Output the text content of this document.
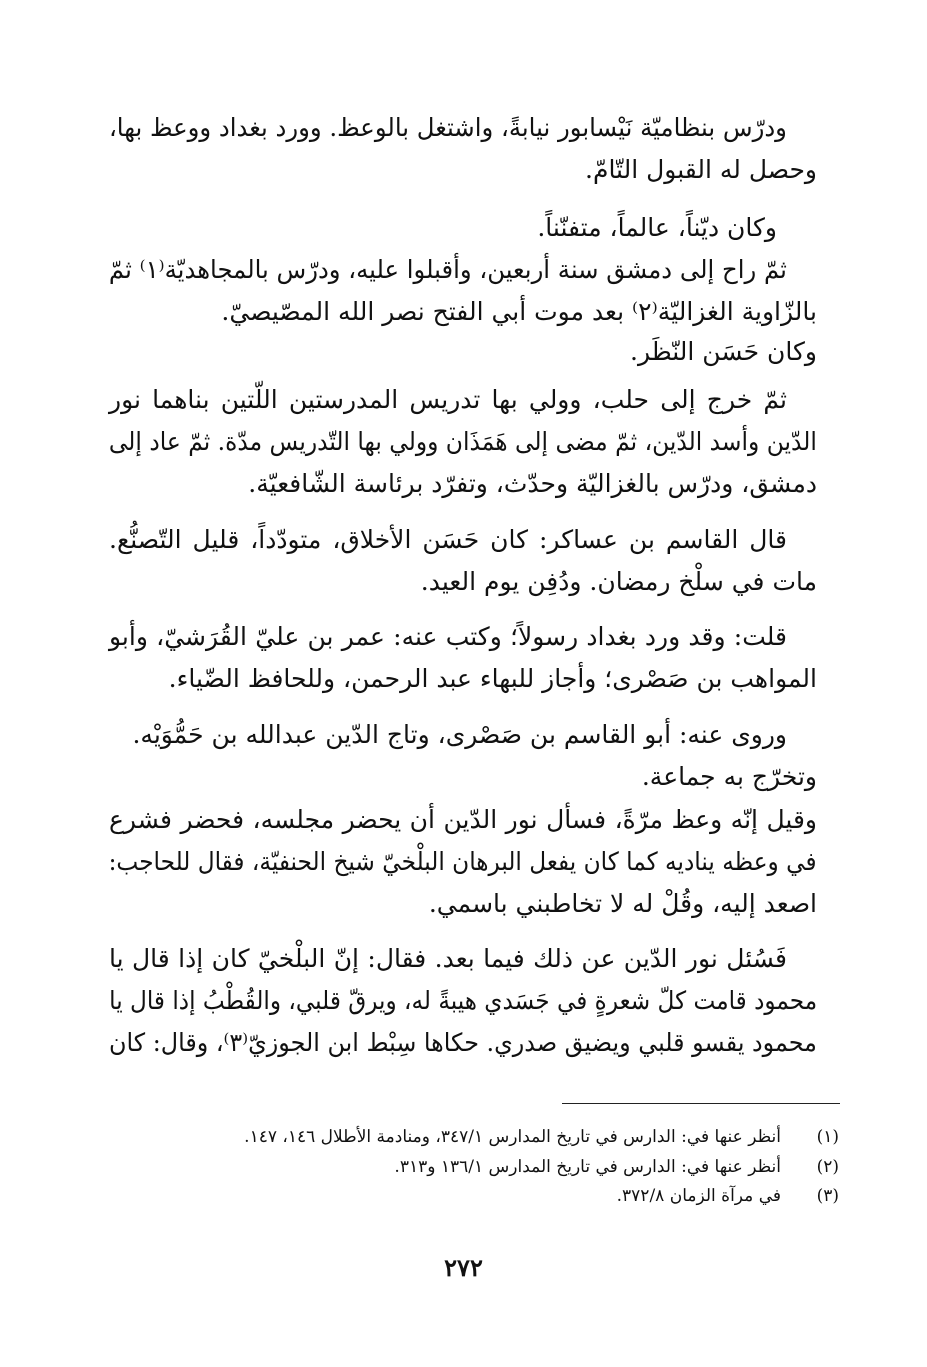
ودرّس بنظاميّة نَيْسابور نيابةً، واشتغل بالوعظ. وورد بغداد ووعظ بها،
وحصل له القبول التّامّ.
وكان ديّناً، عالماً، متفنّناً.
ثمّ راح إلى دمشق سنة أربعين، وأقبلوا عليه، ودرّس بالمجاهديّة⁽١⁾ ثمّ
بالزّاوية الغزاليّة⁽٢⁾ بعد موت أبي الفتح نصر الله المصّيصيّ.
وكان حَسَن النّظَر.
ثمّ خرج إلى حلب، وولي بها تدريس المدرستين اللّتين بناهما نور
الدّين وأسد الدّين، ثمّ مضى إلى هَمَذَان وولي بها التّدريس مدّة. ثمّ عاد إلى
دمشق، ودرّس بالغزاليّة وحدّث، وتفرّد برئاسة الشّافعيّة.
قال القاسم بن عساكر: كان حَسَن الأخلاق، متودّداً، قليل التّصنُّع.
مات في سلْخ رمضان. ودُفِن يوم العيد.
قلت: وقد ورد بغداد رسولاً؛ وكتب عنه: عمر بن عليّ القُرَشيّ، وأبو
المواهب بن صَصْرى؛ وأجاز للبهاء عبد الرحمن، وللحافظ الضّياء.
وروى عنه: أبو القاسم بن صَصْرى، وتاج الدّين عبدالله بن حَمُّوَيْه.
وتخرّج به جماعة.
وقيل إنّه وعظ مرّةً، فسأل نور الدّين أن يحضر مجلسه، فحضر فشرع
في وعظه يناديه كما كان يفعل البرهان البلْخيّ شيخ الحنفيّة، فقال للحاجب:
اصعد إليه، وقُلْ له لا تخاطبني باسمي.
فَسُئل نور الدّين عن ذلك فيما بعد. فقال: إنّ البلْخيّ كان إذا قال يا
محمود قامت كلّ شعرةٍ في جَسَدي هيبةً له، ويرقّ قلبي، والقُطْبُ إذا قال يا
محمود يقسو قلبي ويضيق صدري. حكاها سِبْط ابن الجوزيّ⁽٣⁾، وقال: كان
(١)
أنظر عنها في: الدارس في تاريخ المدارس ٣٤٧/١، ومنادمة الأطلال ١٤٦، ١٤٧.
(٢)
أنظر عنها في: الدارس في تاريخ المدارس ١٣٦/١ و٣١٣.
(٣)
في مرآة الزمان ٣٧٢/٨.
٢٧٢
